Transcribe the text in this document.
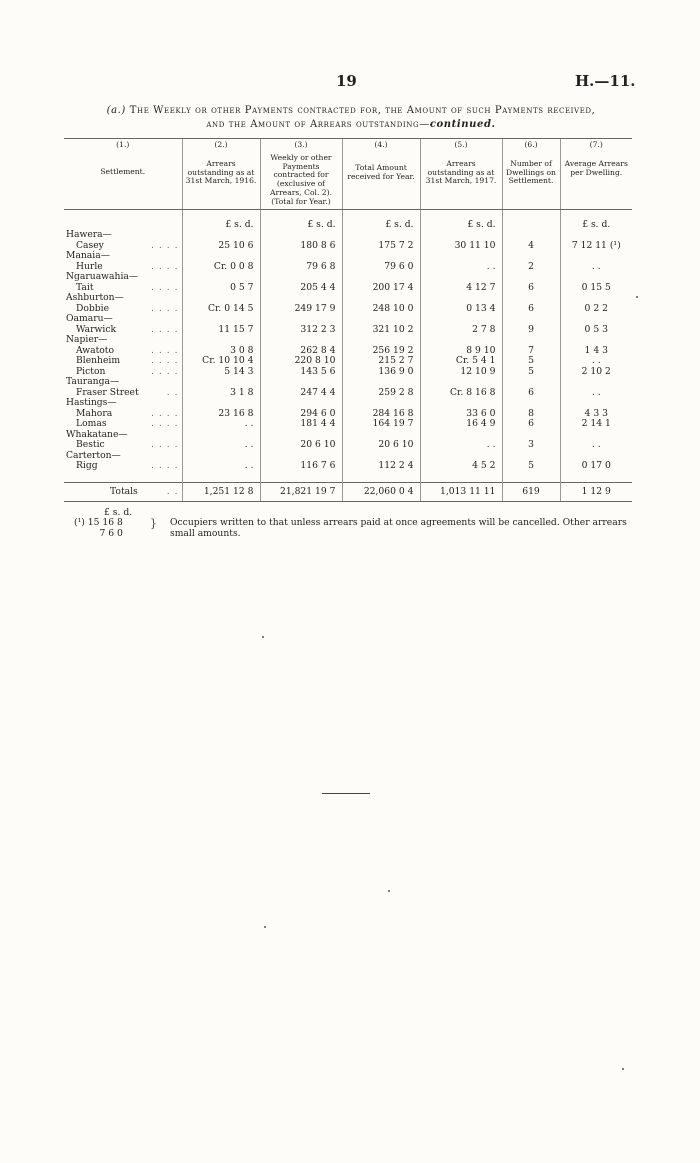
19	H.—11.
(a.) The Weekly or other Payments contracted for, the Amount of such Payments received,
and the Amount of Arrears outstanding—continued.
(1.)
Settlement.	(2.)
Arrears outstanding as at 31st March, 1916.	(3.)
Weekly or other Payments contracted for (exclusive of Arrears, Col. 2). (Total for Year.)	(4.)
Total Amount received for Year.	(5.)
Arrears outstanding as at 31st March, 1917.	(6.)
Number of Dwellings on Settlement.	(7.)
Average Arrears per Dwelling.

	£ s. d.	£ s. d.	£ s. d.	£ s. d.		£ s. d.
Hawera—						
Casey . . . .	25 10 6	180 8 6	175 7 2	30 11 10	4	7 12 11 (¹)
Manaia—						
Hurle . . . .	Cr. 0 0 8	79 6 8	79 6 0	. .	2	. .
Ngaruawahia—						
Tait . . . .	0 5 7	205 4 4	200 17 4	4 12 7	6	0 15 5
Ashburton—						
Dobbie . . . .	Cr. 0 14 5	249 17 9	248 10 0	0 13 4	6	0 2 2
Oamaru—						
Warwick . . . .	11 15 7	312 2 3	321 10 2	2 7 8	9	0 5 3
Napier—						
Awatoto . . . .	3 0 8	262 8 4	256 19 2	8 9 10	7	1 4 3
Blenheim . . . .	Cr. 10 10 4	220 8 10	215 2 7	Cr. 5 4 1	5	. .
Picton . . . .	5 14 3	143 5 6	136 9 0	12 10 9	5	2 10 2
Tauranga—						
Fraser Street . .	3 1 8	247 4 4	259 2 8	Cr. 8 16 8	6	. .
Hastings—						
Mahora . . . .	23 16 8	294 6 0	284 16 8	33 6 0	8	4 3 3
Lomas . . . .	. .	181 4 4	164 19 7	16 4 9	6	2 14 1
Whakatane—						
Bestic . . . .	. .	20 6 10	20 6 10	. .	3	. .
Carterton—						
Rigg . . . .	. .	116 7 6	112 2 4	4 5 2	5	0 17 0

Totals . .	1,251 12 8	21,821 19 7	22,060 0 4	1,013 11 11	619	1 12 9
£ s. d.
(¹) 15 16 8
7 6 0
} Occupiers written to that unless arrears paid at once agreements will be cancelled. Other arrears
small amounts.
